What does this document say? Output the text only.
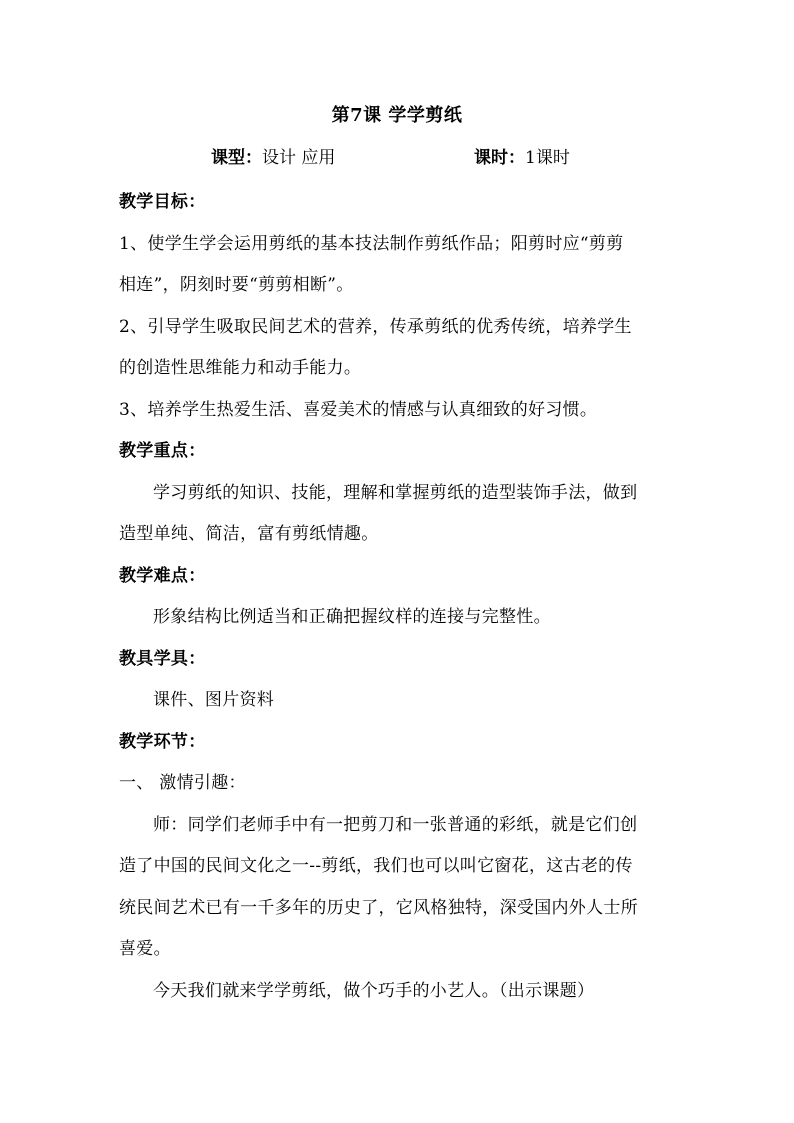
第7课 学学剪纸
课型：设计 应用	课时：1课时
教学目标：
1、使学生学会运用剪纸的基本技法制作剪纸作品；阳剪时应“剪剪
相连”，阴刻时要“剪剪相断”。
2、引导学生吸取民间艺术的营养，传承剪纸的优秀传统，培养学生
的创造性思维能力和动手能力。
3、培养学生热爱生活、喜爱美术的情感与认真细致的好习惯。
教学重点：
学习剪纸的知识、技能，理解和掌握剪纸的造型装饰手法，做到
造型单纯、简洁，富有剪纸情趣。
教学难点：
形象结构比例适当和正确把握纹样的连接与完整性。
教具学具：
课件、图片资料
教学环节：
一、 激情引趣：
师：同学们老师手中有一把剪刀和一张普通的彩纸，就是它们创
造了中国的民间文化之一--剪纸，我们也可以叫它窗花，这古老的传
统民间艺术已有一千多年的历史了，它风格独特，深受国内外人士所
喜爱。
今天我们就来学学剪纸，做个巧手的小艺人。（出示课题）
